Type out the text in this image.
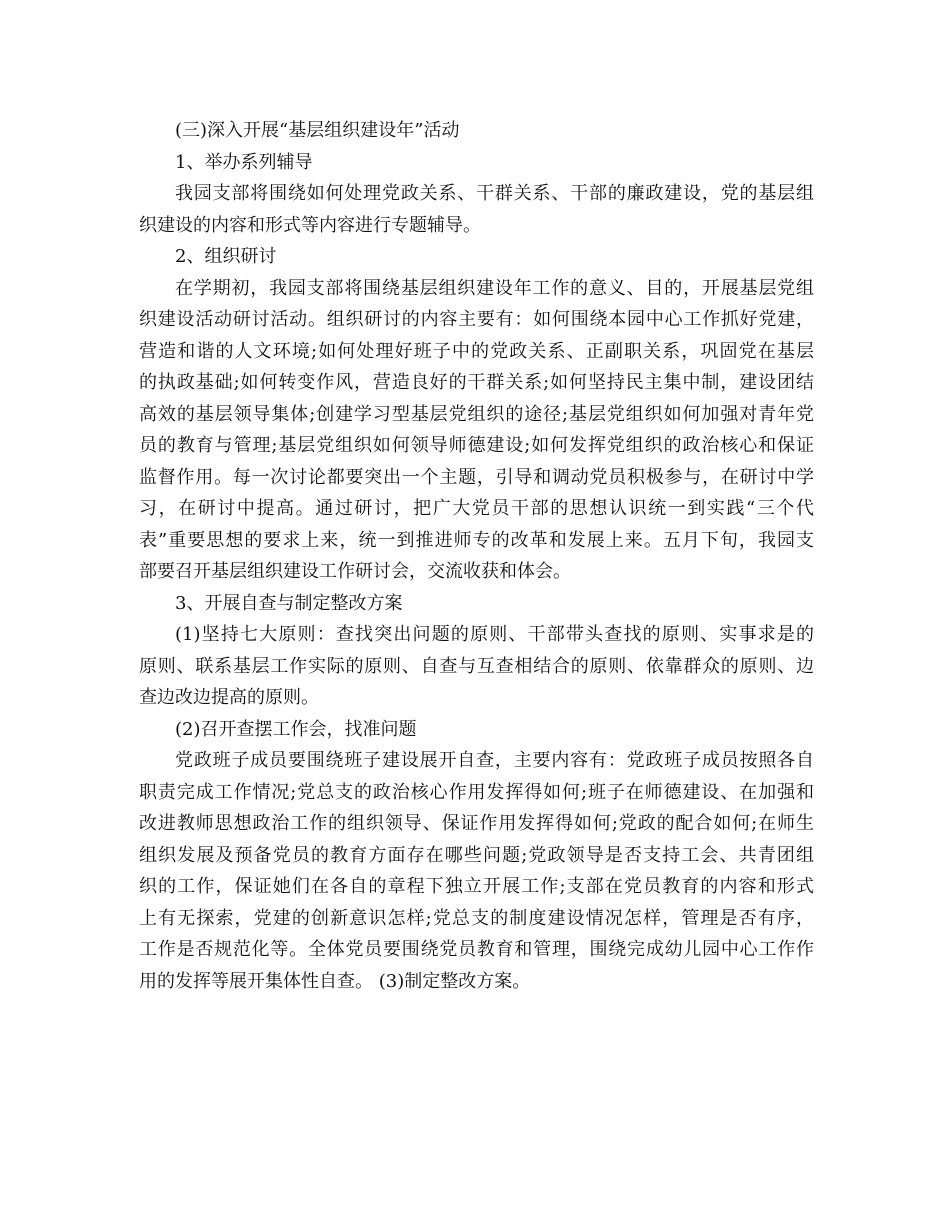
(三)深入开展“基层组织建设年”活动

1、举办系列辅导

我园支部将围绕如何处理党政关系、干群关系、干部的廉政建设，党的基层组

织建设的内容和形式等内容进行专题辅导。

2、组织研讨

在学期初，我园支部将围绕基层组织建设年工作的意义、目的，开展基层党组

织建设活动研讨活动。组织研讨的内容主要有：如何围绕本园中心工作抓好党建，

营造和谐的人文环境;如何处理好班子中的党政关系、正副职关系，巩固党在基层

的执政基础;如何转变作风，营造良好的干群关系;如何坚持民主集中制，建设团结

高效的基层领导集体;创建学习型基层党组织的途径;基层党组织如何加强对青年党

员的教育与管理;基层党组织如何领导师德建设;如何发挥党组织的政治核心和保证

监督作用。每一次讨论都要突出一个主题，引导和调动党员积极参与，在研讨中学

习，在研讨中提高。通过研讨，把广大党员干部的思想认识统一到实践“三个代

表”重要思想的要求上来，统一到推进师专的改革和发展上来。五月下旬，我园支

部要召开基层组织建设工作研讨会，交流收获和体会。

3、开展自查与制定整改方案

(1)坚持七大原则：查找突出问题的原则、干部带头查找的原则、实事求是的

原则、联系基层工作实际的原则、自查与互查相结合的原则、依靠群众的原则、边

查边改边提高的原则。

(2)召开查摆工作会，找准问题

党政班子成员要围绕班子建设展开自查，主要内容有：党政班子成员按照各自

职责完成工作情况;党总支的政治核心作用发挥得如何;班子在师德建设、在加强和

改进教师思想政治工作的组织领导、保证作用发挥得如何;党政的配合如何;在师生

组织发展及预备党员的教育方面存在哪些问题;党政领导是否支持工会、共青团组

织的工作，保证她们在各自的章程下独立开展工作;支部在党员教育的内容和形式

上有无探索，党建的创新意识怎样;党总支的制度建设情况怎样，管理是否有序，

工作是否规范化等。全体党员要围绕党员教育和管理，围绕完成幼儿园中心工作作

用的发挥等展开集体性自查。 (3)制定整改方案。
